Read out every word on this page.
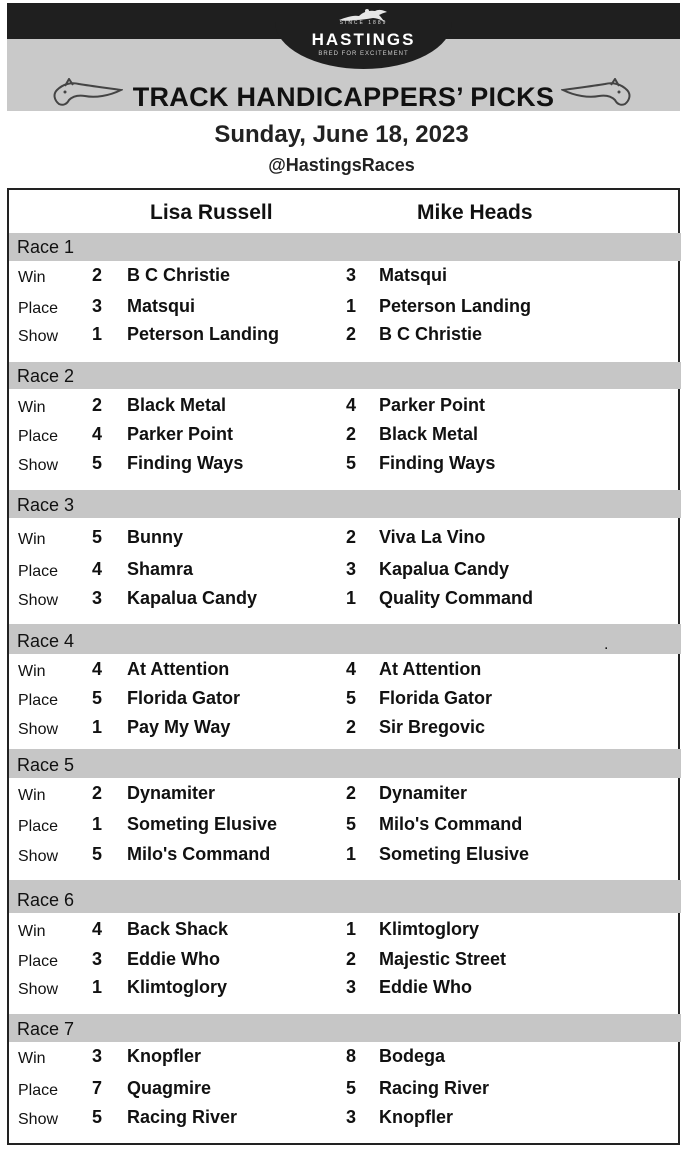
SINCE 1889
HASTINGS
BRED FOR EXCITEMENT
TRACK HANDICAPPERS’ PICKS
Sunday, June 18, 2023
@HastingsRaces
Lisa Russell	Mike Heads
Race 1
Win	2 B C Christie	3 Matsqui
Place 3 Matsqui	1 Peterson Landing
Show 1 Peterson Landing	2 B C Christie
Race 2
Win	2 Black Metal	4 Parker Point
Place 4 Parker Point	2 Black Metal
Show 5 Finding Ways	5 Finding Ways
Race 3
Win	5 Bunny	2 Viva La Vino
Place 4 Shamra	3 Kapalua Candy
Show 3 Kapalua Candy	1 Quality Command
Race 4	.
Win	4 At Attention	4 At Attention
Place 5 Florida Gator	5 Florida Gator
Show 1 Pay My Way	2 Sir Bregovic
Race 5
Win	2 Dynamiter	2 Dynamiter
Place 1 Someting Elusive	5 Milo's Command
Show 5 Milo's Command	1 Someting Elusive
Race 6
Win	4 Back Shack	1 Klimtoglory
Place 3 Eddie Who	2 Majestic Street
Show 1 Klimtoglory	3 Eddie Who
Race 7
Win	3 Knopfler	8 Bodega
Place 7 Quagmire	5 Racing River
Show 5 Racing River	3 Knopfler
